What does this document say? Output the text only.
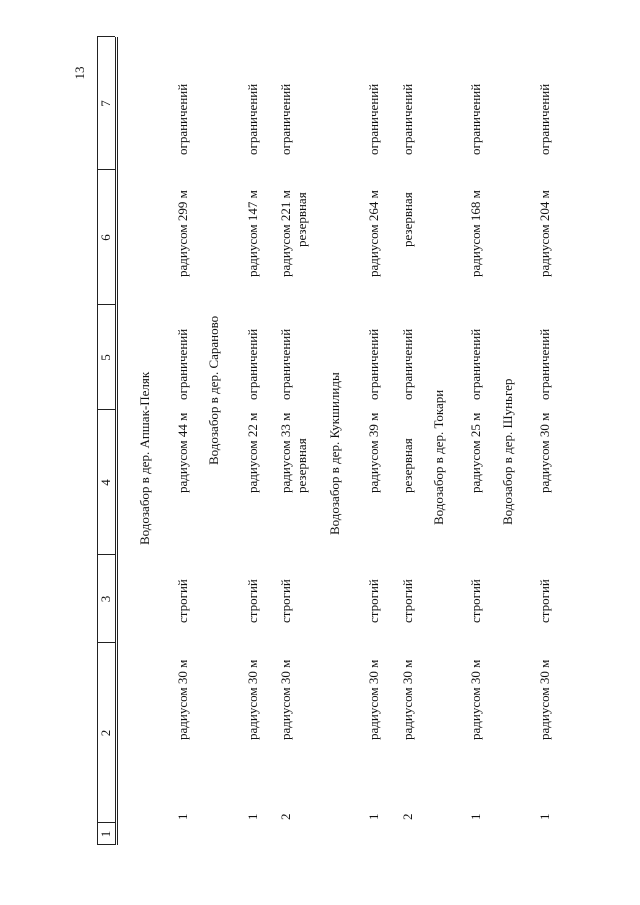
13
1
2
3
4
5
6
7
Водозабор в дер. Апшак-Пеляк
1
радиусом 30 м
строгий
радиусом 44 м
ограничений
радиусом 299 м
ограничений
Водозабор в дер. Сараново
1
радиусом 30 м
строгий
радиусом 22 м
ограничений
радиусом 147 м
ограничений
2
радиусом 30 м
строгий
радиусом 33 м резервная
ограничений
радиусом 221 м резервная
ограничений
Водозабор в дер. Кукшилиды
1
радиусом 30 м
строгий
радиусом 39 м
ограничений
радиусом 264 м
ограничений
2
радиусом 30 м
строгий
резервная
ограничений
резервная
ограничений
Водозабор в дер. Токари
1
радиусом 30 м
строгий
радиусом 25 м
ограничений
радиусом 168 м
ограничений
Водозабор в дер. Шуньгер
1
радиусом 30 м
строгий
радиусом 30 м
ограничений
радиусом 204 м
ограничений
